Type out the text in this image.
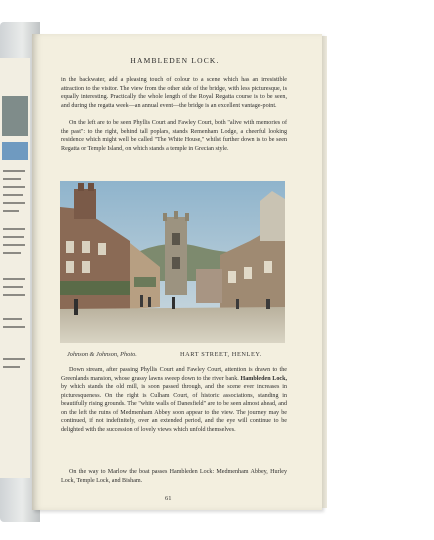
HAMBLEDEN LOCK.

in the backwater, add a pleasing touch of colour to a scene which has an irresistible attraction to the visitor. The view from the other side of the bridge, with less picturesque, is equally interesting. Practically the whole length of the Royal Regatta course is to be seen, and during the regatta week—an annual event—the bridge is an excellent vantage-point.

On the left are to be seen Phyllis Court and Fawley Court, both "alive with memories of the past": to the right, behind tall poplars, stands Remenham Lodge, a cheerful looking residence which might well be called "The White House," whilst further down is to be seen Regatta or Temple Island, on which stands a temple in Grecian style.

Johnson & Johnson, Photo.	HART STREET, HENLEY.

Down stream, after passing Phyllis Court and Fawley Court, attention is drawn to the Greenlands mansion, whose grassy lawns sweep down to the river bank. Hambleden Lock, by which stands the old mill, is soon passed through, and the scene ever increases in picturesqueness. On the right is Culham Court, of historic associations, standing in beautifully rising grounds. The "white walls of Danesfield" are to be seen almost ahead, and on the left the ruins of Medmenham Abbey soon appear to the view. The journey may be continued, if not indefinitely, over an extended period, and the eye will continue to be delighted with the succession of lovely views which unfold themselves.

On the way to Marlow the boat passes Hambleden Lock: Medmenham Abbey, Hurley Lock, Temple Lock, and Bisham.

61
